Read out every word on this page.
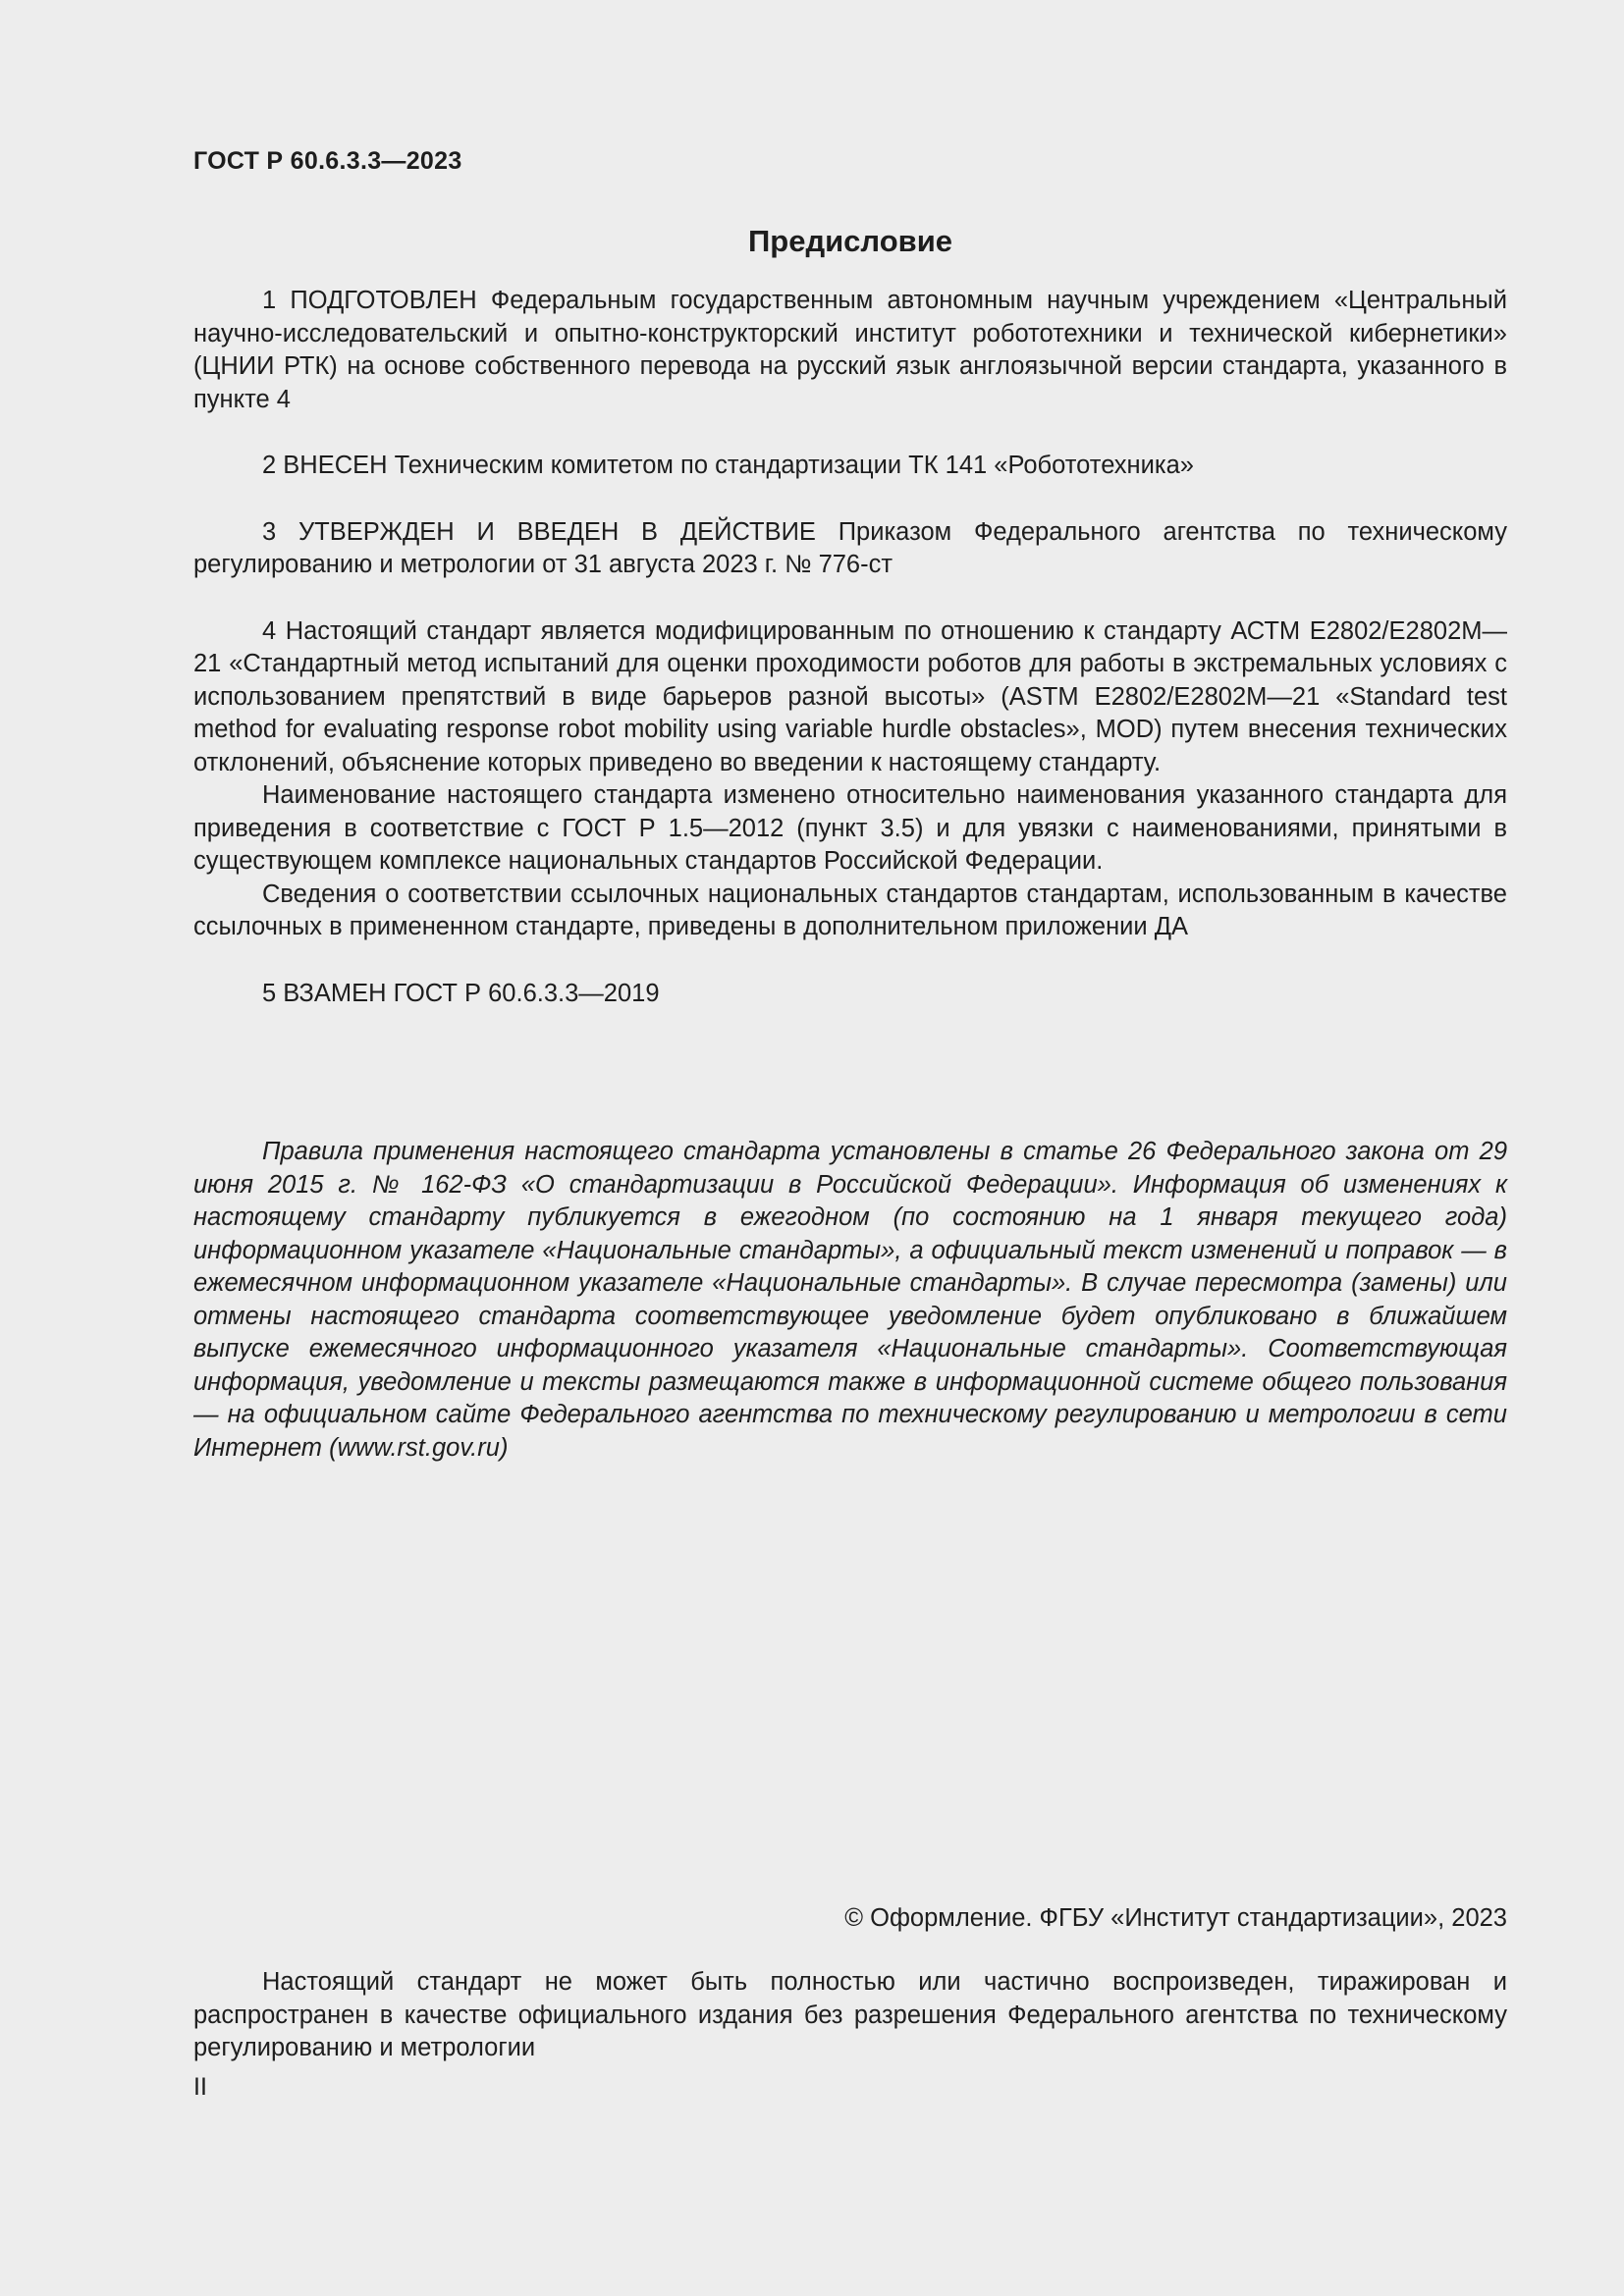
ГОСТ Р 60.6.3.3—2023
Предисловие

1 ПОДГОТОВЛЕН Федеральным государственным автономным научным учреждением «Центральный научно-исследовательский и опытно-конструкторский институт робототехники и технической кибернетики» (ЦНИИ РТК) на основе собственного перевода на русский язык англоязычной версии стандарта, указанного в пункте 4

2 ВНЕСЕН Техническим комитетом по стандартизации ТК 141 «Робототехника»

3 УТВЕРЖДЕН И ВВЕДЕН В ДЕЙСТВИЕ Приказом Федерального агентства по техническому регулированию и метрологии от 31 августа 2023 г. № 776-ст

4 Настоящий стандарт является модифицированным по отношению к стандарту АСТМ Е2802/Е2802М—21 «Стандартный метод испытаний для оценки проходимости роботов для работы в экстремальных условиях с использованием препятствий в виде барьеров разной высоты» (ASTM E2802/E2802M—21 «Standard test method for evaluating response robot mobility using variable hurdle obstacles», MOD) путем внесения технических отклонений, объяснение которых приведено во введении к настоящему стандарту.

Наименование настоящего стандарта изменено относительно наименования указанного стандарта для приведения в соответствие с ГОСТ Р 1.5—2012 (пункт 3.5) и для увязки с наименованиями, принятыми в существующем комплексе национальных стандартов Российской Федерации.

Сведения о соответствии ссылочных национальных стандартов стандартам, использованным в качестве ссылочных в примененном стандарте, приведены в дополнительном приложении ДА

5 ВЗАМЕН ГОСТ Р 60.6.3.3—2019

Правила применения настоящего стандарта установлены в статье 26 Федерального закона от 29 июня 2015 г. № 162-ФЗ «О стандартизации в Российской Федерации». Информация об изменениях к настоящему стандарту публикуется в ежегодном (по состоянию на 1 января текущего года) информационном указателе «Национальные стандарты», а официальный текст изменений и поправок — в ежемесячном информационном указателе «Национальные стандарты». В случае пересмотра (замены) или отмены настоящего стандарта соответствующее уведомление будет опубликовано в ближайшем выпуске ежемесячного информационного указателя «Национальные стандарты». Соответствующая информация, уведомление и тексты размещаются также в информационной системе общего пользования — на официальном сайте Федерального агентства по техническому регулированию и метрологии в сети Интернет (www.rst.gov.ru)

© Оформление. ФГБУ «Институт стандартизации», 2023

Настоящий стандарт не может быть полностью или частично воспроизведен, тиражирован и распространен в качестве официального издания без разрешения Федерального агентства по техническому регулированию и метрологии

II
